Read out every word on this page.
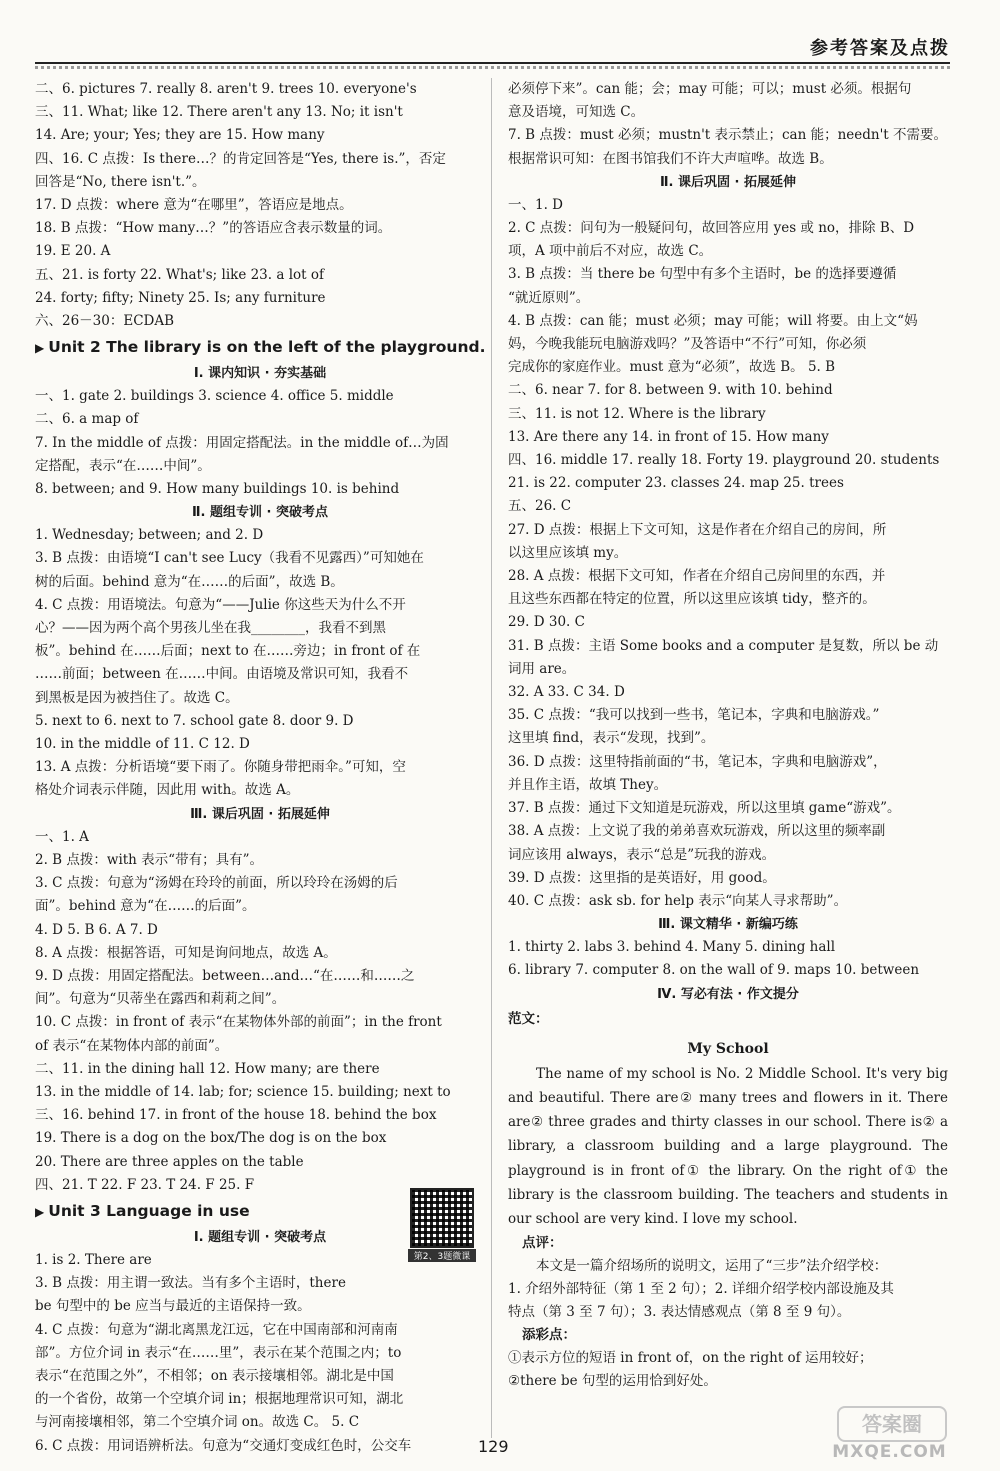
参考答案及点拨
二、6. pictures 7. really 8. aren't 9. trees 10. everyone's
三、11. What; like 12. There aren't any 13. No; it isn't
14. Are; your; Yes; they are 15. How many
四、16. C 点拨：Is there…？的肯定回答是“Yes, there is.”，否定
回答是“No, there isn't.”。
17. D 点拨：where 意为“在哪里”，答语应是地点。
18. B 点拨：“How many…？”的答语应含表示数量的词。
19. E 20. A
五、21. is forty 22. What's; like 23. a lot of
24. forty; fifty; Ninety 25. Is; any furniture
六、26－30：ECDAB
▶ Unit 2 The library is on the left of the playground.
Ⅰ. 课内知识 · 夯实基础
一、1. gate 2. buildings 3. science 4. office 5. middle
二、6. a map of
7. In the middle of 点拨：用固定搭配法。in the middle of…为固
定搭配，表示“在……中间”。
8. between; and 9. How many buildings 10. is behind
Ⅱ. 题组专训 · 突破考点
1. Wednesday; between; and 2. D
3. B 点拨：由语境“I can't see Lucy（我看不见露西）”可知她在
树的后面。behind 意为“在……的后面”，故选 B。
4. C 点拨：用语境法。句意为“——Julie 你这些天为什么不开
心？——因为两个高个男孩儿坐在我________，我看不到黑
板”。behind 在……后面；next to 在……旁边；in front of 在
……前面；between 在……中间。由语境及常识可知，我看不
到黑板是因为被挡住了。故选 C。
5. next to 6. next to 7. school gate 8. door 9. D
10. in the middle of 11. C 12. D
13. A 点拨：分析语境“要下雨了。你随身带把雨伞。”可知，空
格处介词表示伴随，因此用 with。故选 A。
Ⅲ. 课后巩固 · 拓展延伸
一、1. A
2. B 点拨：with 表示“带有；具有”。
3. C 点拨：句意为“汤姆在玲玲的前面，所以玲玲在汤姆的后
面”。behind 意为“在……的后面”。
4. D 5. B 6. A 7. D
8. A 点拨：根据答语，可知是询问地点，故选 A。
9. D 点拨：用固定搭配法。between…and…“在……和……之
间”。句意为“贝蒂坐在露西和莉莉之间”。
10. C 点拨：in front of 表示“在某物体外部的前面”；in the front
of 表示“在某物体内部的前面”。
二、11. in the dining hall 12. How many; are there
13. in the middle of 14. lab; for; science 15. building; next to
三、16. behind 17. in front of the house 18. behind the box
19. There is a dog on the box/The dog is on the box
20. There are three apples on the table
四、21. T 22. F 23. T 24. F 25. F
▶ Unit 3 Language in use
Ⅰ. 题组专训 · 突破考点
1. is 2. There are
3. B 点拨：用主谓一致法。当有多个主语时，there
be 句型中的 be 应当与最近的主语保持一致。
4. C 点拨：句意为“湖北离黑龙江远，它在中国南部和河南南
部”。方位介词 in 表示“在……里”，表示在某个范围之内；to
表示“在范围之外”，不相邻；on 表示接壤相邻。湖北是中国
的一个省份，故第一个空填介词 in；根据地理常识可知，湖北
与河南接壤相邻，第二个空填介词 on。故选 C。 5. C
6. C 点拨：用词语辨析法。句意为“交通灯变成红色时，公交车
必须停下来”。can 能；会；may 可能；可以；must 必须。根据句
意及语境，可知选 C。
7. B 点拨：must 必须；mustn't 表示禁止；can 能；needn't 不需要。
根据常识可知：在图书馆我们不许大声喧哗。故选 B。
Ⅱ. 课后巩固 · 拓展延伸
一、1. D
2. C 点拨：问句为一般疑问句，故回答应用 yes 或 no，排除 B、D
项，A 项中前后不对应，故选 C。
3. B 点拨：当 there be 句型中有多个主语时，be 的选择要遵循
“就近原则”。
4. B 点拨：can 能；must 必须；may 可能；will 将要。由上文“妈
妈，今晚我能玩电脑游戏吗？”及答语中“不行”可知，你必须
完成你的家庭作业。must 意为“必须”，故选 B。 5. B
二、6. near 7. for 8. between 9. with 10. behind
三、11. is not 12. Where is the library
13. Are there any 14. in front of 15. How many
四、16. middle 17. really 18. Forty 19. playground 20. students
21. is 22. computer 23. classes 24. map 25. trees
五、26. C
27. D 点拨：根据上下文可知，这是作者在介绍自己的房间，所
以这里应该填 my。
28. A 点拨：根据下文可知，作者在介绍自己房间里的东西，并
且这些东西都在特定的位置，所以这里应该填 tidy，整齐的。
29. D 30. C
31. B 点拨：主语 Some books and a computer 是复数，所以 be 动
词用 are。
32. A 33. C 34. D
35. C 点拨：“我可以找到一些书，笔记本，字典和电脑游戏。”
这里填 find，表示“发现，找到”。
36. D 点拨：这里特指前面的“书，笔记本，字典和电脑游戏”，
并且作主语，故填 They。
37. B 点拨：通过下文知道是玩游戏，所以这里填 game“游戏”。
38. A 点拨：上文说了我的弟弟喜欢玩游戏，所以这里的频率副
词应该用 always，表示“总是”玩我的游戏。
39. D 点拨：这里指的是英语好，用 good。
40. C 点拨：ask sb. for help 表示“向某人寻求帮助”。
Ⅲ. 课文精华 · 新编巧练
1. thirty 2. labs 3. behind 4. Many 5. dining hall
6. library 7. computer 8. on the wall of 9. maps 10. between
Ⅳ. 写必有法 · 作文提分
范文：
My School
The name of my school is No. 2 Middle School. It's very big and beautiful. There are② many trees and flowers in it. There are② three grades and thirty classes in our school. There is② a library, a classroom building and a large playground. The playground is in front of① the library. On the right of① the library is the classroom building. The teachers and students in our school are very kind. I love my school.
点评：
本文是一篇介绍场所的说明文，运用了“三步”法介绍学校：
1. 介绍外部特征（第 1 至 2 句）；2. 详细介绍学校内部设施及其
特点（第 3 至 7 句）；3. 表达情感观点（第 8 至 9 句）。
添彩点：
①表示方位的短语 in front of，on the right of 运用较好；
②there be 句型的运用恰到好处。
第2、3题微课
129
答案圈
MXQE.COM
